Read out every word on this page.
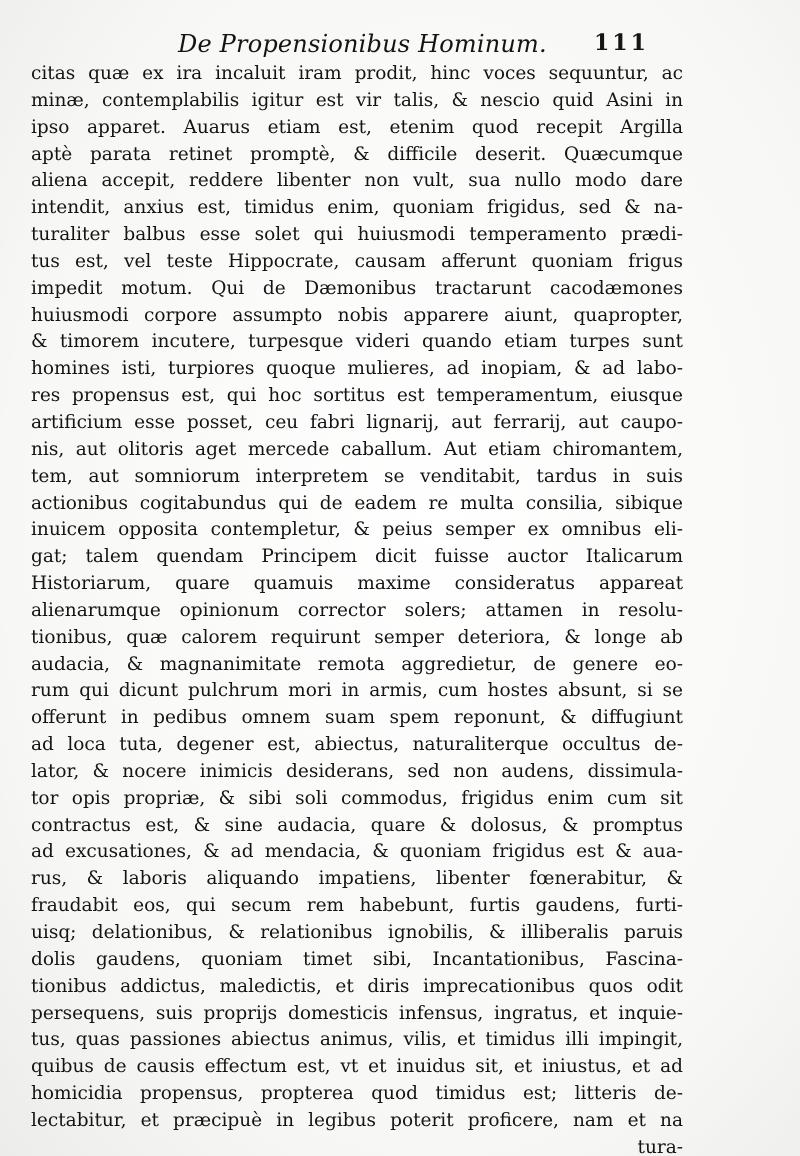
De Propensionibus Hominum. 111
citas quæ ex ira incaluit iram prodit, hinc voces sequuntur, ac
minæ, contemplabilis igitur est vir talis, & nescio quid Asini in
ipso apparet. Auarus etiam est, etenim quod recepit Argilla
aptè parata retinet promptè, & difficile deserit. Quæcumque
aliena accepit, reddere libenter non vult, sua nullo modo dare
intendit, anxius est, timidus enim, quoniam frigidus, sed & na-
turaliter balbus esse solet qui huiusmodi temperamento prædi-
tus est, vel teste Hippocrate, causam afferunt quoniam frigus
impedit motum. Qui de Dæmonibus tractarunt cacodæmones
huiusmodi corpore assumpto nobis apparere aiunt, quapropter,
& timorem incutere, turpesque videri quando etiam turpes sunt
homines isti, turpiores quoque mulieres, ad inopiam, & ad labo-
res propensus est, qui hoc sortitus est temperamentum, eiusque
artificium esse posset, ceu fabri lignarij, aut ferrarij, aut caupo-
nis, aut olitoris aget mercede caballum. Aut etiam chiromantem,
tem, aut somniorum interpretem se venditabit, tardus in suis
actionibus cogitabundus qui de eadem re multa consilia, sibique
inuicem opposita contempletur, & peius semper ex omnibus eli-
gat; talem quendam Principem dicit fuisse auctor Italicarum
Historiarum, quare quamuis maxime consideratus appareat
alienarumque opinionum corrector solers; attamen in resolu-
tionibus, quæ calorem requirunt semper deteriora, & longe ab
audacia, & magnanimitate remota aggredietur, de genere eo-
rum qui dicunt pulchrum mori in armis, cum hostes absunt, si se
offerunt in pedibus omnem suam spem reponunt, & diffugiunt
ad loca tuta, degener est, abiectus, naturaliterque occultus de-
lator, & nocere inimicis desiderans, sed non audens, dissimula-
tor opis propriæ, & sibi soli commodus, frigidus enim cum sit
contractus est, & sine audacia, quare & dolosus, & promptus
ad excusationes, & ad mendacia, & quoniam frigidus est & aua-
rus, & laboris aliquando impatiens, libenter fœnerabitur, &
fraudabit eos, qui secum rem habebunt, furtis gaudens, furti-
uisq; delationibus, & relationibus ignobilis, & illiberalis paruis
dolis gaudens, quoniam timet sibi, Incantationibus, Fascina-
tionibus addictus, maledictis, et diris imprecationibus quos odit
persequens, suis proprijs domesticis infensus, ingratus, et inquie-
tus, quas passiones abiectus animus, vilis, et timidus illi impingit,
quibus de causis effectum est, vt et inuidus sit, et iniustus, et ad
homicidia propensus, propterea quod timidus est; litteris de-
lectabitur, et præcipuè in legibus poterit proficere, nam et na
tura-
